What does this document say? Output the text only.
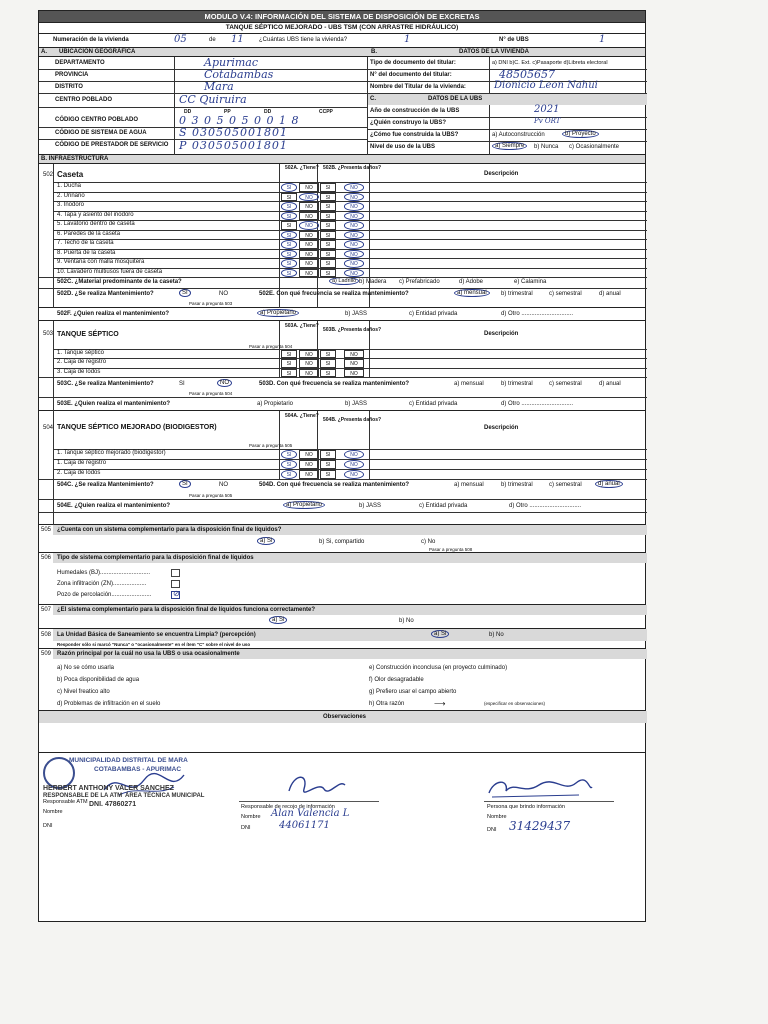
MODULO V.4: INFORMACIÓN DEL SISTEMA DE DISPOSICIÓN DE EXCRETAS
TANQUE SÉPTICO MEJORADO - UBS TSM (CON ARRASTRE HIDRÁULICO)
Numeración de la vivienda	05	de 11	¿Cuántas UBS tiene la vivienda?	1	N° de UBS	1
A. UBICACIÓN GEOGRÁFICA	B.	DATOS DE LA VIVIENDA
DEPARTAMENTO	Apurimac
PROVINCIA	Cotabambas
DISTRITO	Mara
CENTRO POBLADO	CC Quiruira
DD	PP	DD	CCPP
CÓDIGO CENTRO POBLADO	0 3 0 5 0 5 0 0 1 8
CÓDIGO DE SISTEMA DE AGUA	S 030505001801
CÓDIGO DE PRESTADOR DE SERVICIO P 030505001801
Tipo de documento del titular:	a) DNI b)C. Ext. c)Pasaporte d)Libreta electoral
N° del documento del titular:	48505657
Nombre del Titular de la vivienda:	Dionicio Leon Nahui
C.	DATOS DE LA UBS
Año de construcción de la UBS	2021
¿Quién construyo la UBS?	Pv ORT
¿Cómo fue construida la UBS?	a) Autoconstrucción	b) Proyecto
Nivel de uso de la UBS	a) Siempre	b) Nunca c) Ocasionalmente
B. INFRAESTRUCTURA
502 Caseta
502A. ¿Tiene? 502B. ¿Presenta daños?
Descripción
502C. ¿Material predominante de la caseta?	a) Ladrillo b) Madera c) Prefabricado	d) Adobe	e) Calamina
502D. ¿Se realiza Mantenimiento?	SI	NO	502E. Con qué frecuencia se realiza mantenimiento?	a) mensual	b) trimestral	c) semestral	d) anual
Pasar a pregunta 503
1. Ducha	SI	NO	SI	NO
2. Urinario	SI	NO	SI	NO
3. Inodoro	SI	NO	SI	NO
4. Tapa y asiento del inodoro	SI	NO	SI	NO
5. Lavatorio dentro de caseta	SI	NO	SI	NO
6. Paredes de la caseta	SI	NO	SI	NO
7. Techo de la caseta	SI	NO	SI	NO
8. Puerta de la caseta	SI	NO	SI	NO
9. Ventana con malla mosquitera	SI	NO	SI	NO
10. Lavadero multiusos fuera de caseta	SI	NO	SI	NO
502F. ¿Quien realiza el mantenimiento?	a) Propietario	b) JASS	c) Entidad privada	d) Otro ...............................
503 TANQUE SÉPTICO
503A. ¿Tiene?
503B. ¿Presenta daños?
Descripción
Pasar a pregunta 504
503C. ¿Se realiza Mantenimiento?	SI	NO	503D. Con qué frecuencia se realiza mantenimiento?	a) mensual	b) trimestral	c) semestral	d) anual
Pasar a pregunta 504
503E. ¿Quien realiza el mantenimiento?	a) Propietario	b) JASS	c) Entidad privada	d) Otro ...............................
1. Tanque séptico	SI	NO	SI	NO
2. Caja de registro	SI	NO	SI	NO
3. Caja de lodos	SI	NO	SI	NO
504 TANQUE SÉPTICO MEJORADO (BIODIGESTOR)
504A. ¿Tiene?
504B. ¿Presenta daños?
Descripción
Pasar a pregunta 505
504C. ¿Se realiza Mantenimiento?	SI	NO	504D. Con qué frecuencia se realiza mantenimiento?	a) mensual	b) trimestral	c) semestral	d) anual
Pasar a pregunta 505
504E. ¿Quien realiza el mantenimiento?	a) Propietario	b) JASS	c) Entidad privada	d) Otro ...............................
1. Tanque séptico mejorado (biodigestor)	SI	NO	SI	NO
1. Caja de registro	SI	NO	SI	NO
2. Caja de lodos	SI	NO	SI	NO
505 ¿Cuenta con un sistema complementario para la disposición final de líquidos?
a) Si	b) Si, compartido	c) No
Pasar a pregunta 508
506 Tipo de sistema complementario para la disposición final de líquidos
Humedales (BJ)..............................
Zona infiltración (ZN)....................
Pozo de percolación........................	⊘
507 ¿El sistema complementario para la disposición final de líquidos funciona correctamente?
a) Si	b) No
508 La Unidad Básica de Saneamiento se encuentra Limpia? (percepción)	a) Si	b) No
Responder sólo si marcó "Nunca" o "ocasionalmente" en el ítem "C" sobre el nivel de uso
509 Razón principal por la cuál no usa la UBS o usa ocasionalmente
a) No se cómo usarla
b) Poca disponibilidad de agua
c) Nivel freatico alto
d) Problemas de infiltración en el suelo
e) Construcción inconclusa (en proyecto culminado)
f) Olor desagradable
g) Prefiero usar el campo abierto
h) Otra razón	⟶	(especificar en observaciones)
Observaciones
MUNICIPALIDAD DISTRITAL DE MARA
COTABAMBAS - APURIMAC
HERBERT ANTHONY VALER SANCHEZ
RESPONSABLE DE LA ATM ÁREA TÉCNICA MUNICIPAL
DNI. 47860271
Responsable ATM
Nombre
DNI
Responsable de recojo de información
Nombre Alan Valencia L
DNI	44061171
Persona que brindo información
Nombre
DNI 31429437
